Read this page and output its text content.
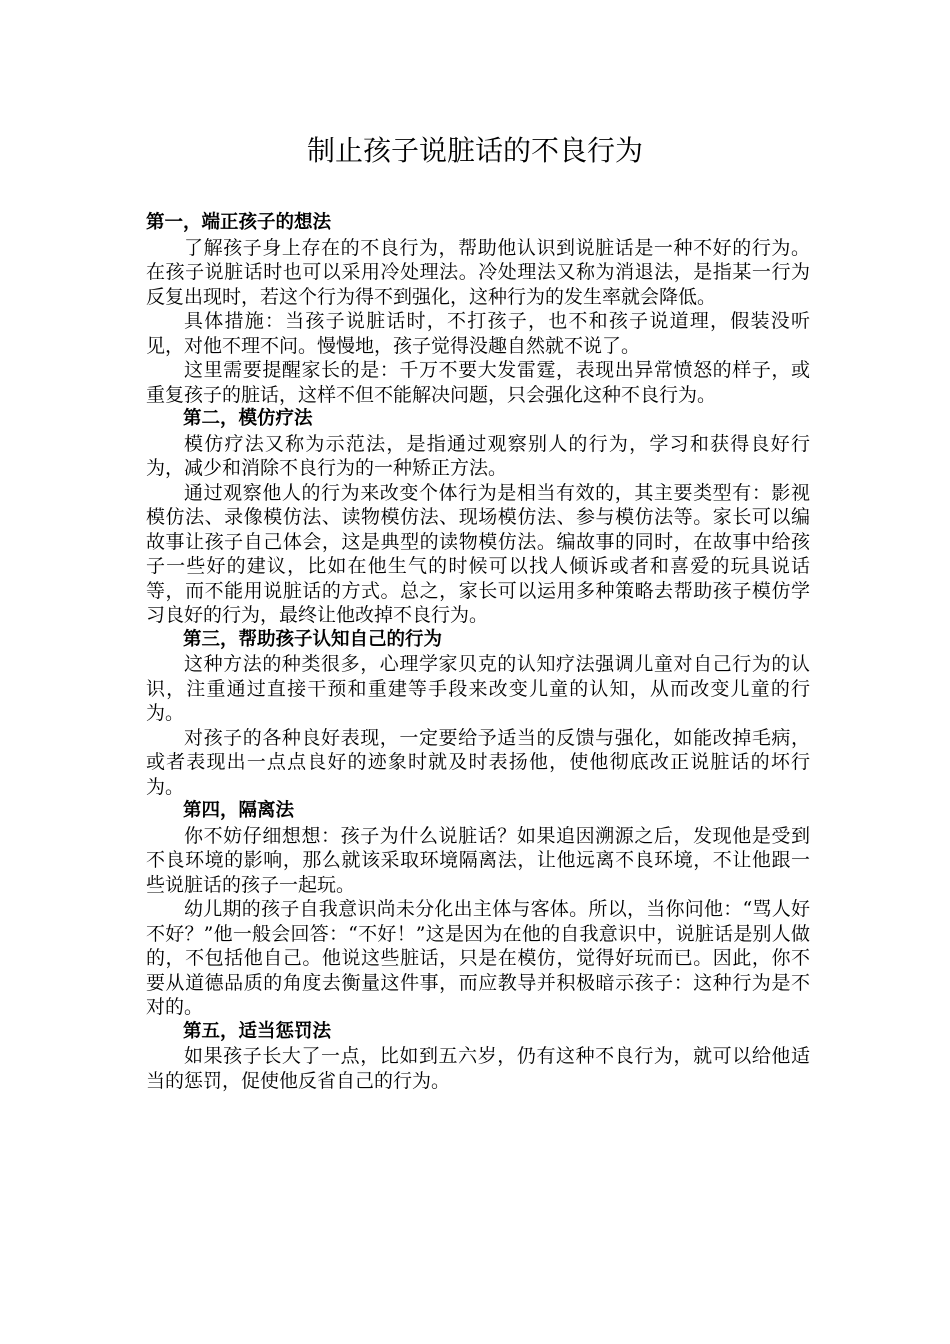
制止孩子说脏话的不良行为

第一，端正孩子的想法

了解孩子身上存在的不良行为，帮助他认识到说脏话是一种不好的行为。在孩子说脏话时也可以采用冷处理法。冷处理法又称为消退法，是指某一行为反复出现时，若这个行为得不到强化，这种行为的发生率就会降低。

具体措施：当孩子说脏话时，不打孩子，也不和孩子说道理，假装没听见，对他不理不问。慢慢地，孩子觉得没趣自然就不说了。

这里需要提醒家长的是：千万不要大发雷霆，表现出异常愤怒的样子，或重复孩子的脏话，这样不但不能解决问题，只会强化这种不良行为。

第二，模仿疗法

模仿疗法又称为示范法，是指通过观察别人的行为，学习和获得良好行为，减少和消除不良行为的一种矫正方法。

通过观察他人的行为来改变个体行为是相当有效的，其主要类型有：影视模仿法、录像模仿法、读物模仿法、现场模仿法、参与模仿法等。家长可以编故事让孩子自己体会，这是典型的读物模仿法。编故事的同时，在故事中给孩子一些好的建议，比如在他生气的时候可以找人倾诉或者和喜爱的玩具说话等，而不能用说脏话的方式。总之，家长可以运用多种策略去帮助孩子模仿学习良好的行为，最终让他改掉不良行为。

第三，帮助孩子认知自己的行为

这种方法的种类很多，心理学家贝克的认知疗法强调儿童对自己行为的认识，注重通过直接干预和重建等手段来改变儿童的认知，从而改变儿童的行为。

对孩子的各种良好表现，一定要给予适当的反馈与强化，如能改掉毛病，或者表现出一点点良好的迹象时就及时表扬他，使他彻底改正说脏话的坏行为。

第四，隔离法

你不妨仔细想想：孩子为什么说脏话？如果追因溯源之后，发现他是受到不良环境的影响，那么就该采取环境隔离法，让他远离不良环境，不让他跟一些说脏话的孩子一起玩。

幼儿期的孩子自我意识尚未分化出主体与客体。所以，当你问他：“骂人好不好？”他一般会回答：“不好！”这是因为在他的自我意识中，说脏话是别人做的，不包括他自己。他说这些脏话，只是在模仿，觉得好玩而已。因此，你不要从道德品质的角度去衡量这件事，而应教导并积极暗示孩子：这种行为是不对的。

第五，适当惩罚法

如果孩子长大了一点，比如到五六岁，仍有这种不良行为，就可以给他适当的惩罚，促使他反省自己的行为。
